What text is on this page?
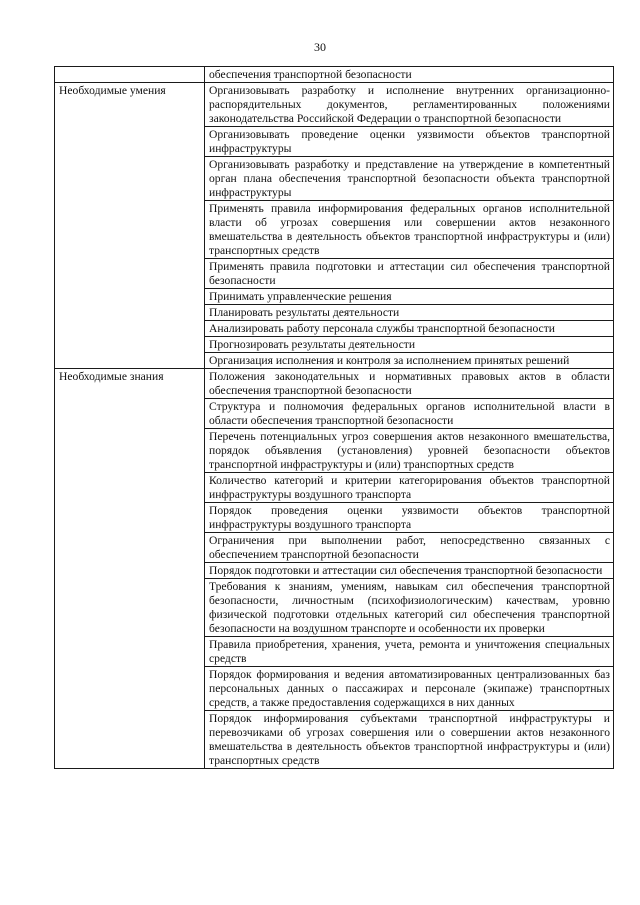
30
	обеспечения транспортной безопасности
Необходимые умения	Организовывать разработку и исполнение внутренних организационно-распорядительных документов, регламентированных положениями законодательства Российской Федерации о транспортной безопасности
	Организовывать проведение оценки уязвимости объектов транспортной инфраструктуры
	Организовывать разработку и представление на утверждение в компетентный орган плана обеспечения транспортной безопасности объекта транспортной инфраструктуры
	Применять правила информирования федеральных органов исполнительной власти об угрозах совершения или совершении актов незаконного вмешательства в деятельность объектов транспортной инфраструктуры и (или) транспортных средств
	Применять правила подготовки и аттестации сил обеспечения транспортной безопасности
	Принимать управленческие решения
	Планировать результаты деятельности
	Анализировать работу персонала службы транспортной безопасности
	Прогнозировать результаты деятельности
	Организация исполнения и контроля за исполнением принятых решений
Необходимые знания	Положения законодательных и нормативных правовых актов в области обеспечения транспортной безопасности
	Структура и полномочия федеральных органов исполнительной власти в области обеспечения транспортной безопасности
	Перечень потенциальных угроз совершения актов незаконного вмешательства, порядок объявления (установления) уровней безопасности объектов транспортной инфраструктуры и (или) транспортных средств
	Количество категорий и критерии категорирования объектов транспортной инфраструктуры воздушного транспорта
	Порядок проведения оценки уязвимости объектов транспортной инфраструктуры воздушного транспорта
	Ограничения при выполнении работ, непосредственно связанных с обеспечением транспортной безопасности
	Порядок подготовки и аттестации сил обеспечения транспортной безопасности
	Требования к знаниям, умениям, навыкам сил обеспечения транспортной безопасности, личностным (психофизиологическим) качествам, уровню физической подготовки отдельных категорий сил обеспечения транспортной безопасности на воздушном транспорте и особенности их проверки
	Правила приобретения, хранения, учета, ремонта и уничтожения специальных средств
	Порядок формирования и ведения автоматизированных централизованных баз персональных данных о пассажирах и персонале (экипаже) транспортных средств, а также предоставления содержащихся в них данных
	Порядок информирования субъектами транспортной инфраструктуры и перевозчиками об угрозах совершения или о совершении актов незаконного вмешательства в деятельность объектов транспортной инфраструктуры и (или) транспортных средств
